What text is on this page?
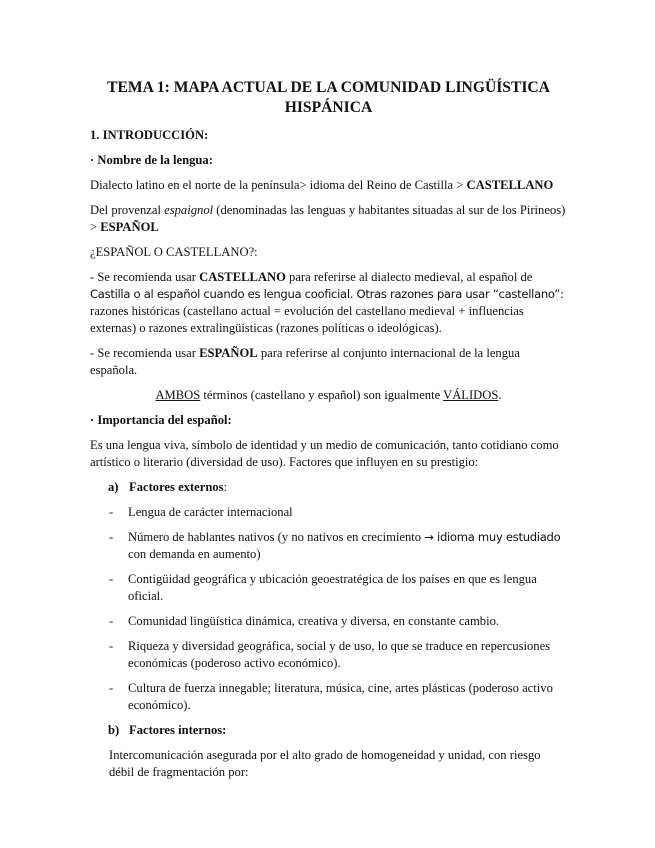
TEMA 1: MAPA ACTUAL DE LA COMUNIDAD LINGÜÍSTICA
HISPÁNICA

1. INTRODUCCIÓN:

· Nombre de la lengua:

Dialecto latino en el norte de la península> idioma del Reino de Castilla > CASTELLANO

Del provenzal espaignol (denominadas las lenguas y habitantes situadas al sur de los Pirineos) > ESPAÑOL

¿ESPAÑOL O CASTELLANO?:

- Se recomienda usar CASTELLANO para referirse al dialecto medieval, al español de
Castilla o al español cuando es lengua cooficial. Otras razones para usar “castellano”:
razones históricas (castellano actual = evolución del castellano medieval + influencias externas) o razones extralingüísticas (razones políticas o ideológicas).

- Se recomienda usar ESPAÑOL para referirse al conjunto internacional de la lengua española.

AMBOS términos (castellano y español) son igualmente VÁLIDOS.

· Importancia del español:

Es una lengua viva, símbolo de identidad y un medio de comunicación, tanto cotidiano como artístico o literario (diversidad de uso). Factores que influyen en su prestigio:

a) Factores externos:
-	Lengua de carácter internacional
-	Número de hablantes nativos (y no nativos en crecimiento → idioma muy estudiado con demanda en aumento)
-	Contigüidad geográfica y ubicación geoestratégica de los países en que es lengua oficial.
-	Comunidad lingüística dinámica, creativa y diversa, en constante cambio.
-	Riqueza y diversidad geográfica, social y de uso, lo que se traduce en repercusiones económicas (poderoso activo económico).
-	Cultura de fuerza innegable; literatura, música, cine, artes plásticas (poderoso activo económico).
b) Factores internos:

Intercomunicación asegurada por el alto grado de homogeneidad y unidad, con riesgo débil de fragmentación por:
